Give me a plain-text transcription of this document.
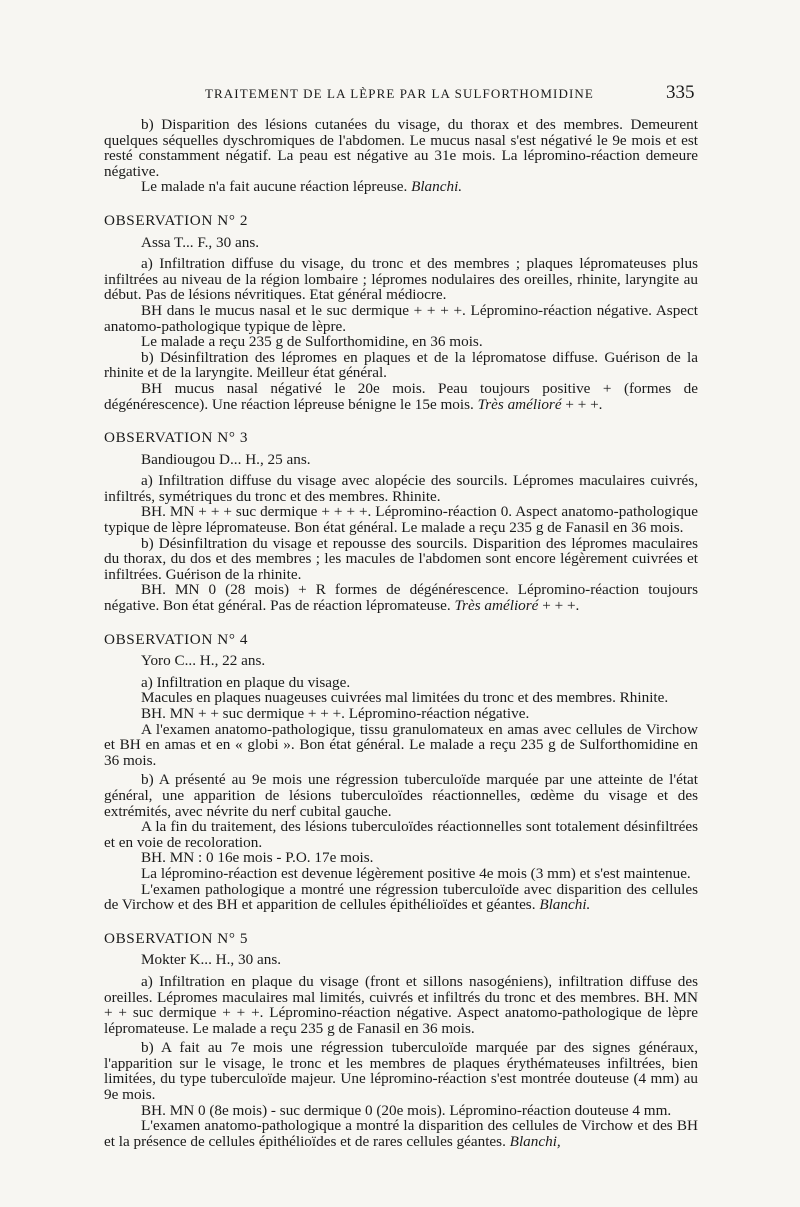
TRAITEMENT DE LA LÈPRE PAR LA SULFORTHOMIDINE	335

b) Disparition des lésions cutanées du visage, du thorax et des membres. Demeurent quelques séquelles dyschromiques de l'abdomen. Le mucus nasal s'est négativé le 9e mois et est resté constamment négatif. La peau est négative au 31e mois. La lépromino-réaction demeure négative.

Le malade n'a fait aucune réaction lépreuse. Blanchi.

OBSERVATION N° 2

Assa T... F., 30 ans.

a) Infiltration diffuse du visage, du tronc et des membres ; plaques lépromateuses plus infiltrées au niveau de la région lombaire ; lépromes nodulaires des oreilles, rhinite, laryngite au début. Pas de lésions névritiques. Etat général médiocre.

BH dans le mucus nasal et le suc dermique + + + +. Lépromino-réaction négative. Aspect anatomo-pathologique typique de lèpre.

Le malade a reçu 235 g de Sulforthomidine, en 36 mois.

b) Désinfiltration des lépromes en plaques et de la lépromatose diffuse. Guérison de la rhinite et de la laryngite. Meilleur état général.

BH mucus nasal négativé le 20e mois. Peau toujours positive + (formes de dégénérescence). Une réaction lépreuse bénigne le 15e mois. Très amélioré + + +.

OBSERVATION N° 3

Bandiougou D... H., 25 ans.

a) Infiltration diffuse du visage avec alopécie des sourcils. Lépromes maculaires cuivrés, infiltrés, symétriques du tronc et des membres. Rhinite.

BH. MN + + + suc dermique + + + +. Lépromino-réaction 0. Aspect anatomo-pathologique typique de lèpre lépromateuse. Bon état général. Le malade a reçu 235 g de Fanasil en 36 mois.

b) Désinfiltration du visage et repousse des sourcils. Disparition des lépromes maculaires du thorax, du dos et des membres ; les macules de l'abdomen sont encore légèrement cuivrées et infiltrées. Guérison de la rhinite.

BH. MN 0 (28 mois) + R formes de dégénérescence. Lépromino-réaction toujours négative. Bon état général. Pas de réaction lépromateuse. Très amélioré + + +.

OBSERVATION N° 4

Yoro C... H., 22 ans.

a) Infiltration en plaque du visage.

Macules en plaques nuageuses cuivrées mal limitées du tronc et des membres. Rhinite.

BH. MN + + suc dermique + + +. Lépromino-réaction négative.

A l'examen anatomo-pathologique, tissu granulomateux en amas avec cellules de Virchow et BH en amas et en « globi ». Bon état général. Le malade a reçu 235 g de Sulforthomidine en 36 mois.

b) A présenté au 9e mois une régression tuberculoïde marquée par une atteinte de l'état général, une apparition de lésions tuberculoïdes réactionnelles, œdème du visage et des extrémités, avec névrite du nerf cubital gauche.

A la fin du traitement, des lésions tuberculoïdes réactionnelles sont totalement désinfiltrées et en voie de recoloration.

BH. MN : 0 16e mois - P.O. 17e mois.

La lépromino-réaction est devenue légèrement positive 4e mois (3 mm) et s'est maintenue.

L'examen pathologique a montré une régression tuberculoïde avec disparition des cellules de Virchow et des BH et apparition de cellules épithélioïdes et géantes. Blanchi.

OBSERVATION N° 5

Mokter K... H., 30 ans.

a) Infiltration en plaque du visage (front et sillons nasogéniens), infiltration diffuse des oreilles. Lépromes maculaires mal limités, cuivrés et infiltrés du tronc et des membres. BH. MN + + suc dermique + + +. Lépromino-réaction négative. Aspect anatomo-pathologique de lèpre lépromateuse. Le malade a reçu 235 g de Fanasil en 36 mois.

b) A fait au 7e mois une régression tuberculoïde marquée par des signes généraux, l'apparition sur le visage, le tronc et les membres de plaques érythémateuses infiltrées, bien limitées, du type tuberculoïde majeur. Une lépromino-réaction s'est montrée douteuse (4 mm) au 9e mois.

BH. MN 0 (8e mois) - suc dermique 0 (20e mois). Lépromino-réaction douteuse 4 mm.

L'examen anatomo-pathologique a montré la disparition des cellules de Virchow et des BH et la présence de cellules épithélioïdes et de rares cellules géantes. Blanchi,
